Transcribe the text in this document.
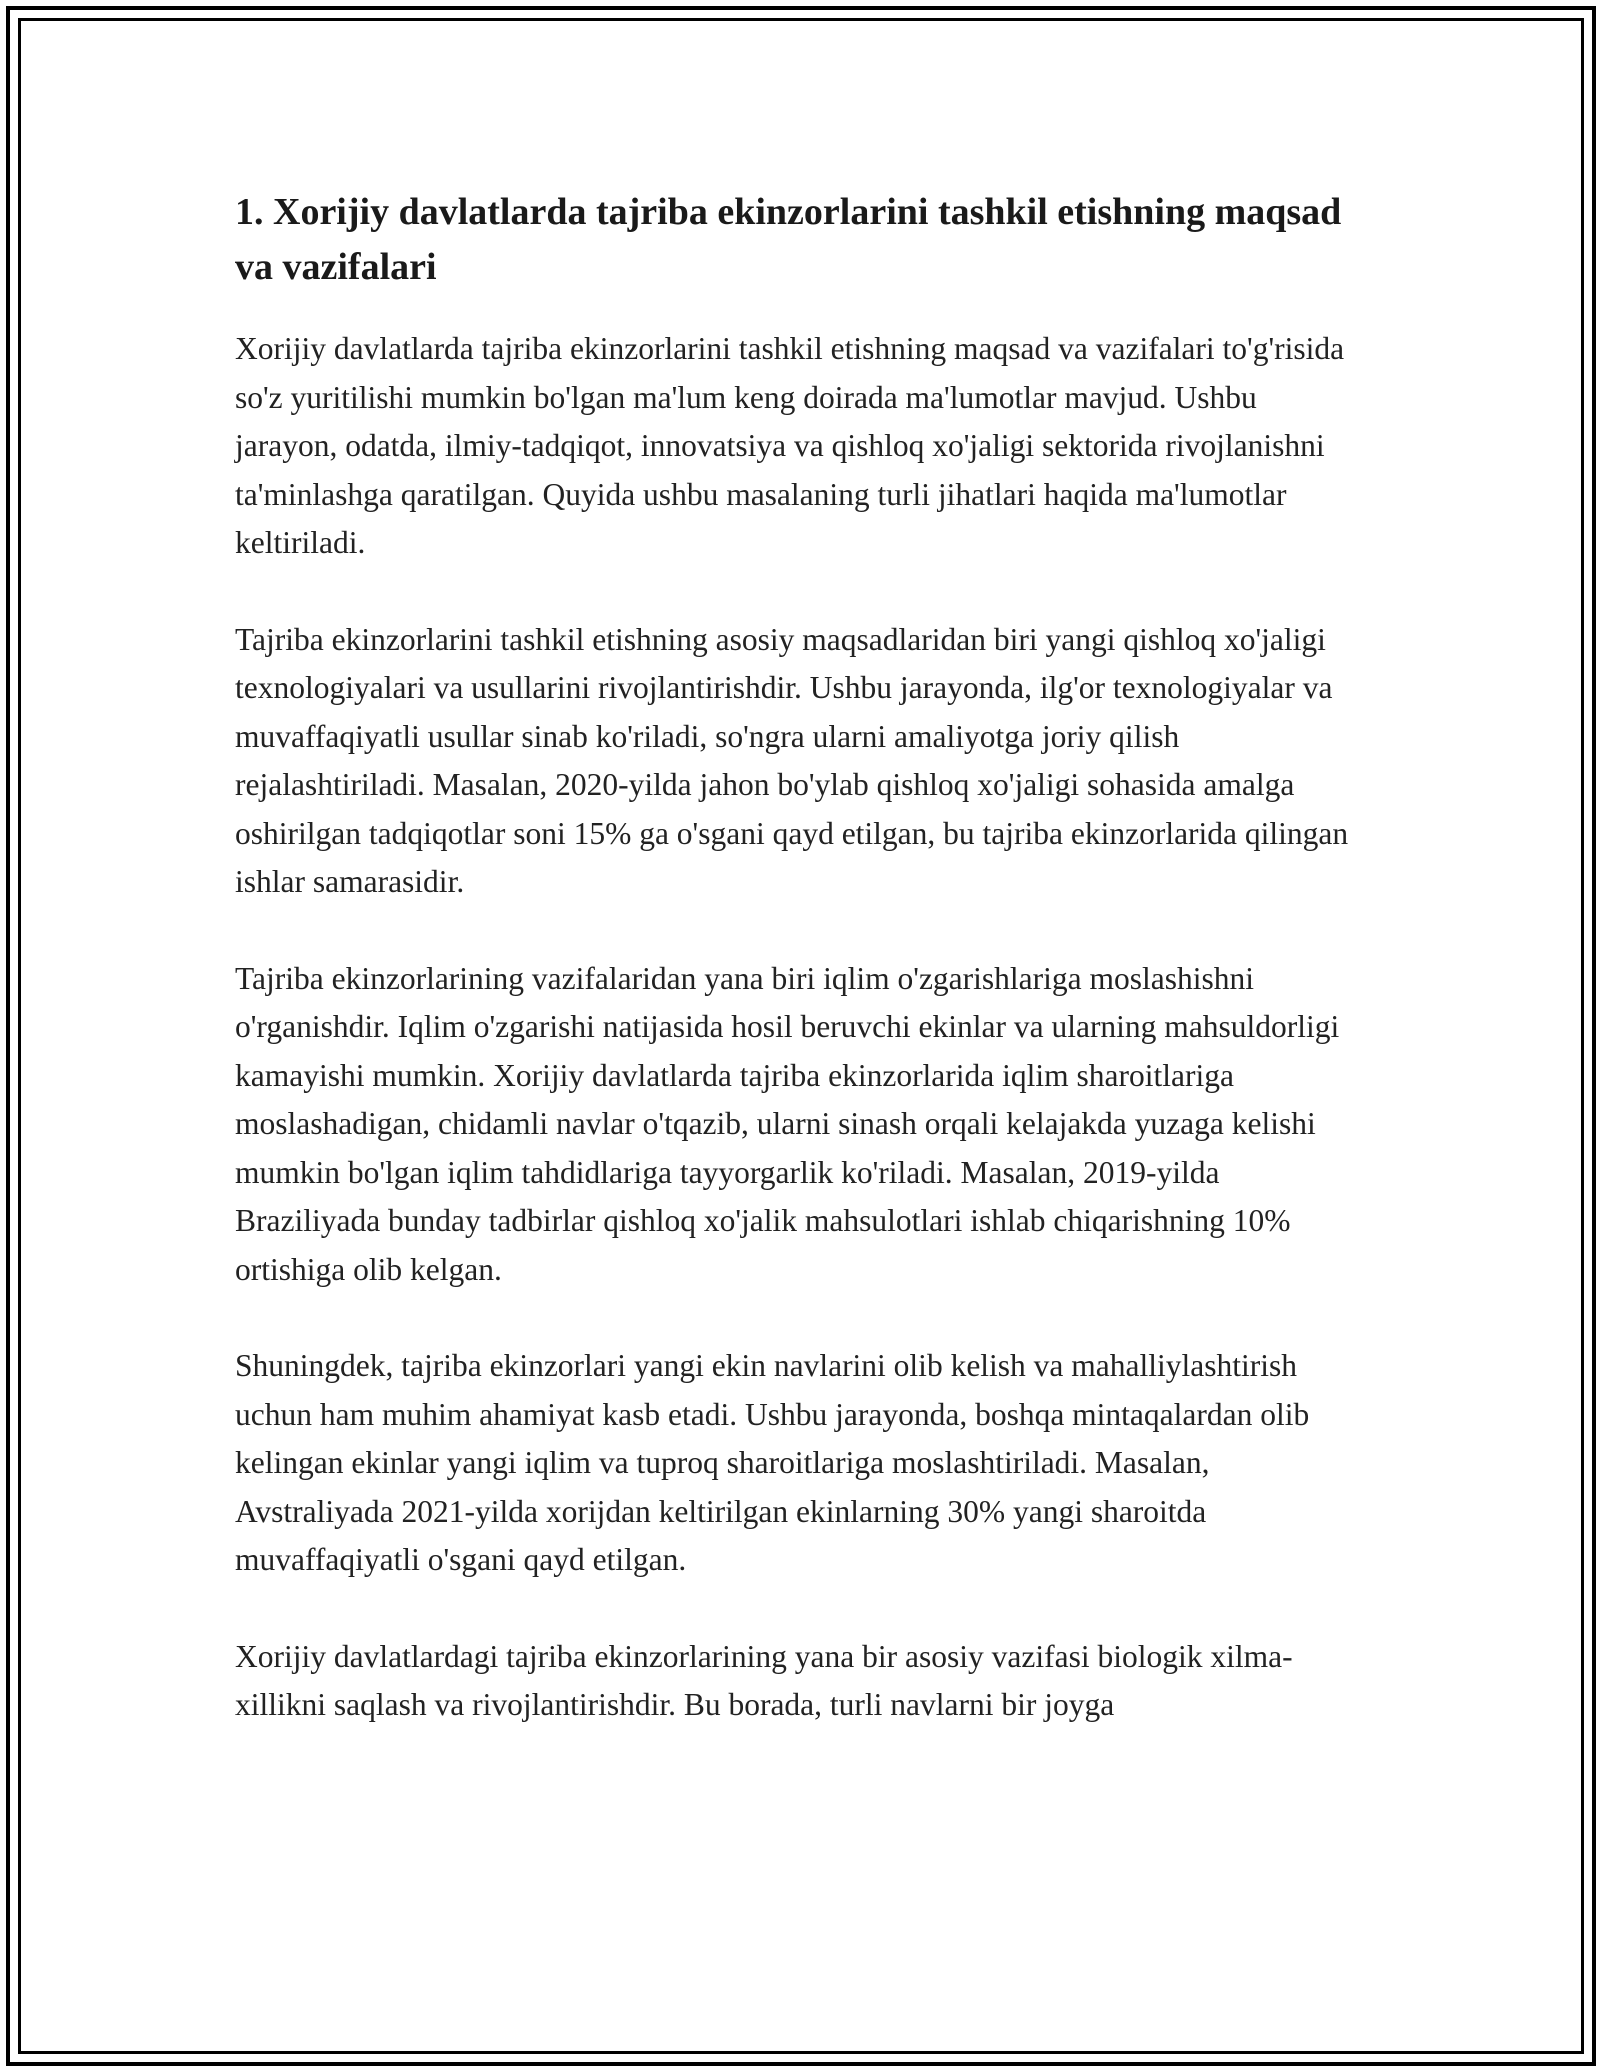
1. Xorijiy davlatlarda tajriba ekinzorlarini tashkil etishning maqsad va vazifalari

Xorijiy davlatlarda tajriba ekinzorlarini tashkil etishning maqsad va vazifalari to'g'risida so'z yuritilishi mumkin bo'lgan ma'lum keng doirada ma'lumotlar mavjud. Ushbu jarayon, odatda, ilmiy-tadqiqot, innovatsiya va qishloq xo'jaligi sektorida rivojlanishni ta'minlashga qaratilgan. Quyida ushbu masalaning turli jihatlari haqida ma'lumotlar keltiriladi.

Tajriba ekinzorlarini tashkil etishning asosiy maqsadlaridan biri yangi qishloq xo'jaligi texnologiyalari va usullarini rivojlantirishdir. Ushbu jarayonda, ilg'or texnologiyalar va muvaffaqiyatli usullar sinab ko'riladi, so'ngra ularni amaliyotga joriy qilish rejalashtiriladi. Masalan, 2020-yilda jahon bo'ylab qishloq xo'jaligi sohasida amalga oshirilgan tadqiqotlar soni 15% ga o'sgani qayd etilgan, bu tajriba ekinzorlarida qilingan ishlar samarasidir.

Tajriba ekinzorlarining vazifalaridan yana biri iqlim o'zgarishlariga moslashishni o'rganishdir. Iqlim o'zgarishi natijasida hosil beruvchi ekinlar va ularning mahsuldorligi kamayishi mumkin. Xorijiy davlatlarda tajriba ekinzorlarida iqlim sharoitlariga moslashadigan, chidamli navlar o'tqazib, ularni sinash orqali kelajakda yuzaga kelishi mumkin bo'lgan iqlim tahdidlariga tayyorgarlik ko'riladi. Masalan, 2019-yilda Braziliyada bunday tadbirlar qishloq xo'jalik mahsulotlari ishlab chiqarishning 10% ortishiga olib kelgan.

Shuningdek, tajriba ekinzorlari yangi ekin navlarini olib kelish va mahalliylashtirish uchun ham muhim ahamiyat kasb etadi. Ushbu jarayonda, boshqa mintaqalardan olib kelingan ekinlar yangi iqlim va tuproq sharoitlariga moslashtiriladi. Masalan, Avstraliyada 2021-yilda xorijdan keltirilgan ekinlarning 30% yangi sharoitda muvaffaqiyatli o'sgani qayd etilgan.

Xorijiy davlatlardagi tajriba ekinzorlarining yana bir asosiy vazifasi biologik xilma-xillikni saqlash va rivojlantirishdir. Bu borada, turli navlarni bir joyga
